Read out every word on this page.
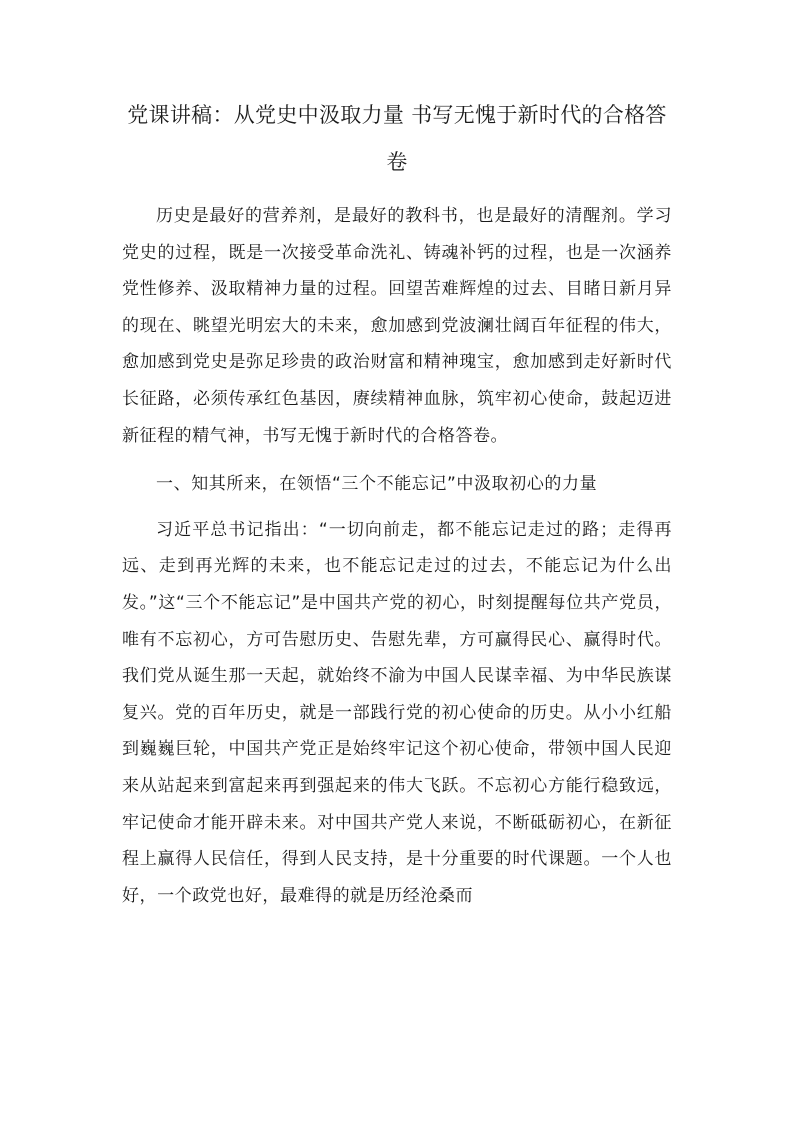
党课讲稿：从党史中汲取力量 书写无愧于新时代的合格答卷

历史是最好的营养剂，是最好的教科书，也是最好的清醒剂。学习党史的过程，既是一次接受革命洗礼、铸魂补钙的过程，也是一次涵养党性修养、汲取精神力量的过程。回望苦难辉煌的过去、目睹日新月异的现在、眺望光明宏大的未来，愈加感到党波澜壮阔百年征程的伟大，愈加感到党史是弥足珍贵的政治财富和精神瑰宝，愈加感到走好新时代长征路，必须传承红色基因，赓续精神血脉，筑牢初心使命，鼓起迈进新征程的精气神，书写无愧于新时代的合格答卷。

一、知其所来，在领悟“三个不能忘记”中汲取初心的力量

习近平总书记指出：“一切向前走，都不能忘记走过的路；走得再远、走到再光辉的未来，也不能忘记走过的过去，不能忘记为什么出发。”这“三个不能忘记”是中国共产党的初心，时刻提醒每位共产党员，唯有不忘初心，方可告慰历史、告慰先辈，方可赢得民心、赢得时代。我们党从诞生那一天起，就始终不渝为中国人民谋幸福、为中华民族谋复兴。党的百年历史，就是一部践行党的初心使命的历史。从小小红船到巍巍巨轮，中国共产党正是始终牢记这个初心使命，带领中国人民迎来从站起来到富起来再到强起来的伟大飞跃。不忘初心方能行稳致远，牢记使命才能开辟未来。对中国共产党人来说，不断砥砺初心，在新征程上赢得人民信任，得到人民支持，是十分重要的时代课题。一个人也好，一个政党也好，最难得的就是历经沧桑而
